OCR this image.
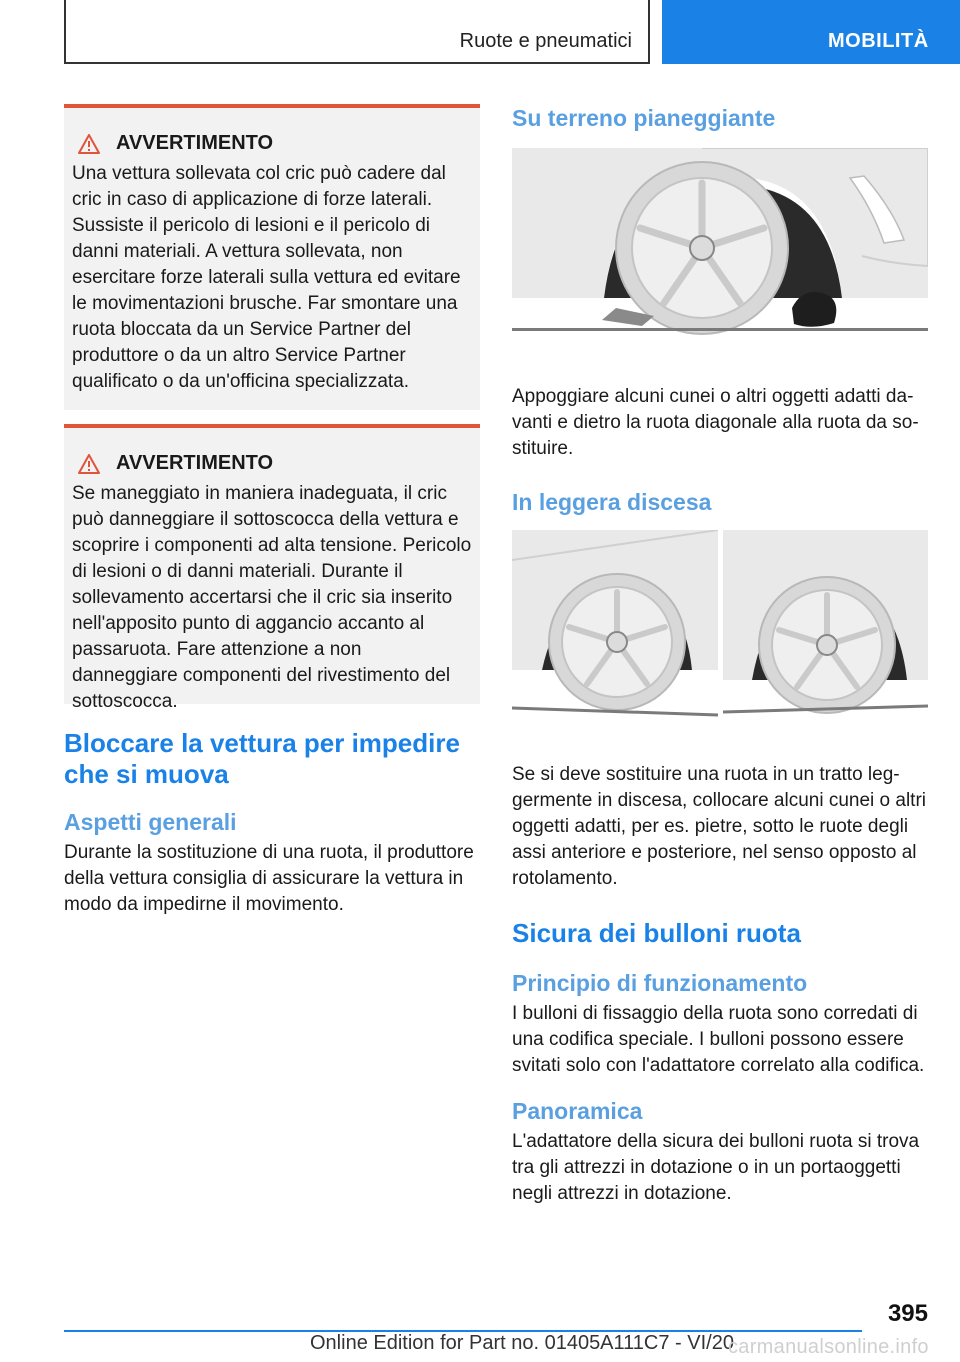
Ruote e pneumatici	MOBILITÀ
AVVERTIMENTO
Una vettura sollevata col cric può cadere dal cric in caso di applicazione di forze laterali. Sussiste il pericolo di lesioni e il pericolo di danni materiali. A vettura sollevata, non esercitare forze laterali sulla vettura ed evitare le movimentazioni brusche. Far smontare una ruota bloccata da un Service Partner del produttore o da un altro Service Partner qualificato o da un'officina specializzata.
AVVERTIMENTO
Se maneggiato in maniera inadeguata, il cric può danneggiare il sottoscocca della vettura e scoprire i componenti ad alta tensione. Pericolo di lesioni o di danni materiali. Durante il sollevamento accertarsi che il cric sia inserito nell'apposito punto di aggancio accanto al passaruota. Fare attenzione a non danneggiare componenti del rivestimento del sottoscocca.
Bloccare la vettura per impedire che si muova
Aspetti generali
Durante la sostituzione di una ruota, il produttore della vettura consiglia di assicurare la vettura in modo da impedirne il movimento.
Su terreno pianeggiante
Appoggiare alcuni cunei o altri oggetti adatti davanti e dietro la ruota diagonale alla ruota da sostituire.
In leggera discesa
Se si deve sostituire una ruota in un tratto leggermente in discesa, collocare alcuni cunei o altri oggetti adatti, per es. pietre, sotto le ruote degli assi anteriore e posteriore, nel senso opposto al rotolamento.
Sicura dei bulloni ruota
Principio di funzionamento
I bulloni di fissaggio della ruota sono corredati di una codifica speciale. I bulloni possono essere svitati solo con l'adattatore correlato alla codifica.
Panoramica
L'adattatore della sicura dei bulloni ruota si trova tra gli attrezzi in dotazione o in un portaoggetti negli attrezzi in dotazione.
395
Online Edition for Part no. 01405A111C7 - VI/20
carmanualsonline.info
